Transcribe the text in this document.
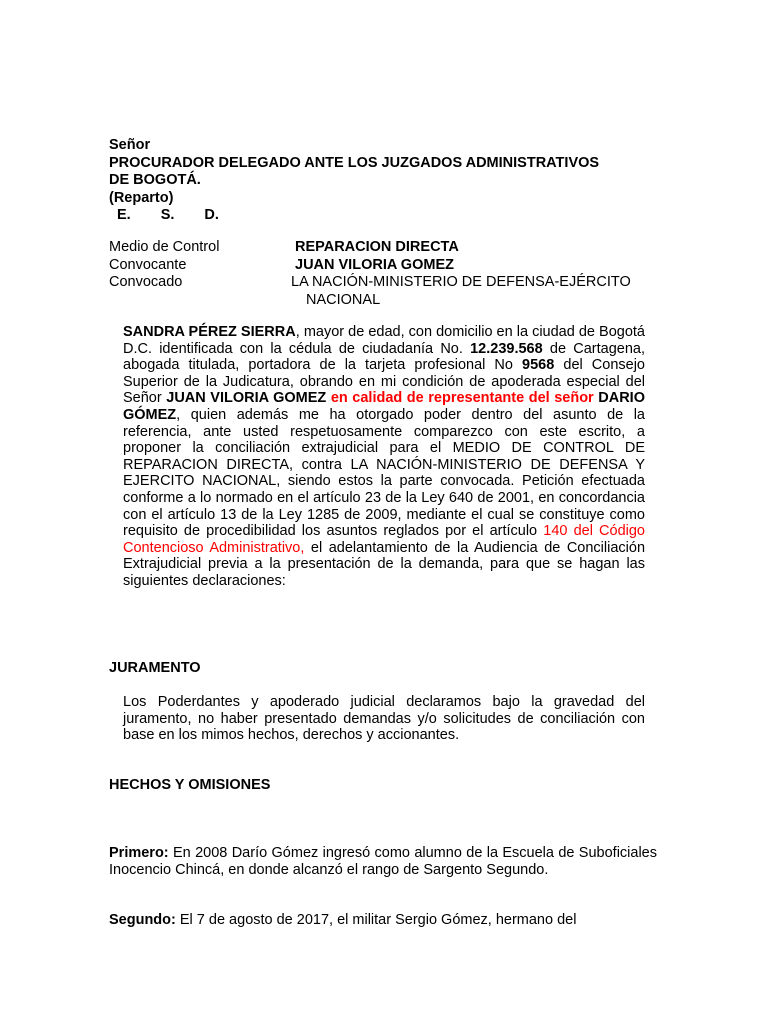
Señor
PROCURADOR DELEGADO ANTE LOS JUZGADOS ADMINISTRATIVOS
DE BOGOTÁ.
(Reparto)
E. S. D.
Medio de Control	REPARACION DIRECTA
Convocante	JUAN VILORIA GOMEZ
Convocado	LA NACIÓN-MINISTERIO DE DEFENSA-EJÉRCITO
NACIONAL
SANDRA PÉREZ SIERRA, mayor de edad, con domicilio en la ciudad de Bogotá D.C. identificada con la cédula de ciudadanía No. 12.239.568 de Cartagena, abogada titulada, portadora de la tarjeta profesional No 9568 del Consejo Superior de la Judicatura, obrando en mi condición de apoderada especial del Señor JUAN VILORIA GOMEZ en calidad de representante del señor DARIO GÓMEZ, quien además me ha otorgado poder dentro del asunto de la referencia, ante usted respetuosamente comparezco con este escrito, a proponer la conciliación extrajudicial para el MEDIO DE CONTROL DE REPARACION DIRECTA, contra LA NACIÓN-MINISTERIO DE DEFENSA Y EJERCITO NACIONAL, siendo estos la parte convocada. Petición efectuada conforme a lo normado en el artículo 23 de la Ley 640 de 2001, en concordancia con el artículo 13 de la Ley 1285 de 2009, mediante el cual se constituye como requisito de procedibilidad los asuntos reglados por el artículo 140 del Código Contencioso Administrativo, el adelantamiento de la Audiencia de Conciliación Extrajudicial previa a la presentación de la demanda, para que se hagan las siguientes declaraciones:
JURAMENTO
Los Poderdantes y apoderado judicial declaramos bajo la gravedad del juramento, no haber presentado demandas y/o solicitudes de conciliación con base en los mimos hechos, derechos y accionantes.
HECHOS Y OMISIONES
Primero: En 2008 Darío Gómez ingresó como alumno de la Escuela de Suboficiales Inocencio Chincá, en donde alcanzó el rango de Sargento Segundo.
Segundo: El 7 de agosto de 2017, el militar Sergio Gómez, hermano del
